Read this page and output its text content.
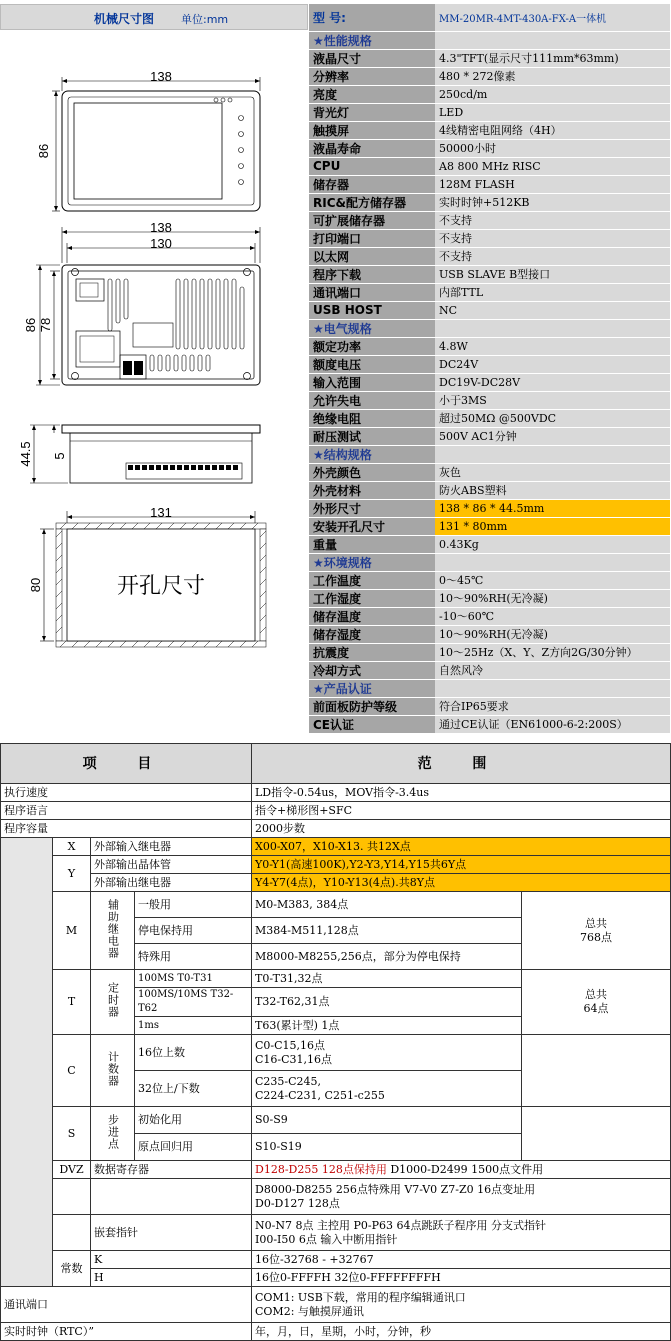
机械尺寸图 单位:mm
138
86
138
130
86 78
44.5 5
131
开孔尺寸
80
型 号:	MM-20MR-4MT-430A-FX-A一体机
★性能规格	
液晶尺寸	4.3"TFT(显示尺寸111mm*63mm)
分辨率	480 * 272像素
亮度	250cd/m
背光灯	LED
触摸屏	4线精密电阻网络（4H）
液晶寿命	50000小时
CPU	A8 800 MHz RISC
储存器	128M FLASH
RIC&配方储存器	实时时钟+512KB
可扩展储存器	不支持
打印端口	不支持
以太网	不支持
程序下载	USB SLAVE B型接口
通讯端口	内部TTL
USB HOST	NC
★电气规格	
额定功率	4.8W
额度电压	DC24V
输入范围	DC19V-DC28V
允许失电	小于3MS
绝缘电阻	超过50MΩ @500VDC
耐压测试	500V AC1分钟
★结构规格	
外壳颜色	灰色
外壳材料	防火ABS塑料
外形尺寸	138 * 86 * 44.5mm
安装开孔尺寸	131 * 80mm
重量	0.43Kg
★环境规格	
工作温度	0～45℃
工作湿度	10～90%RH(无冷凝)
储存温度	-10～60℃
储存湿度	10～90%RH(无冷凝)
抗震度	10～25Hz（X、Y、Z方向2G/30分钟）
冷却方式	自然风冷
★产品认证	
前面板防护等级	符合IP65要求
CE认证	通过CE认证（EN61000-6-2:200S）
项 目				范 围	
执行速度				LD指令-0.54us，MOV指令-3.4us	
程序语言				指令+梯形图+SFC	
程序容量				2000步数	
	X	外部输入继电器		X00-X07，X10-X13. 共12X点	
	Y	外部输出晶体管		Y0-Y1(高速100K),Y2-Y3,Y14,Y15共6Y点	
		外部输出继电器		Y4-Y7(4点)，Y10-Y13(4点).共8Y点	
	M	辅助继电器	一般用	M0-M383, 384点	总共
768点
			停电保持用	M384-M511,128点	
			特殊用	M8000-M8255,256点，部分为停电保持	
	T	定时器	100MS T0-T31	T0-T31,32点	总共
64点
			100MS/10MS T32-T62	T32-T62,31点	
			1ms	T63(累计型) 1点	
	C	计数器	16位上数	C0-C15,16点
C16-C31,16点	
			32位上/下数	C235-C245,
C224-C231, C251-c255	
	S	步进点	初始化用	S0-S9	
			原点回归用	S10-S19	
	DVZ	数据寄存器		D128-D255 128点保持用 D1000-D2499 1500点文件用	
				D8000-D8255 256点特殊用 V7-V0 Z7-Z0 16点变址用
D0-D127 128点	
		嵌套指针		N0-N7 8点 主控用 P0-P63 64点跳跃子程序用 分支式指针
I00-I50 6点 输入中断用指针	
	常数	K		16位-32768 - +32767	
		H		16位0-FFFFH 32位0-FFFFFFFFH	
通讯端口				COM1: USB下载，常用的程序编辑通讯口
COM2: 与触摸屏通讯	
实时时钟（RTC）”				年，月，日，星期，小时，分钟，秒	
